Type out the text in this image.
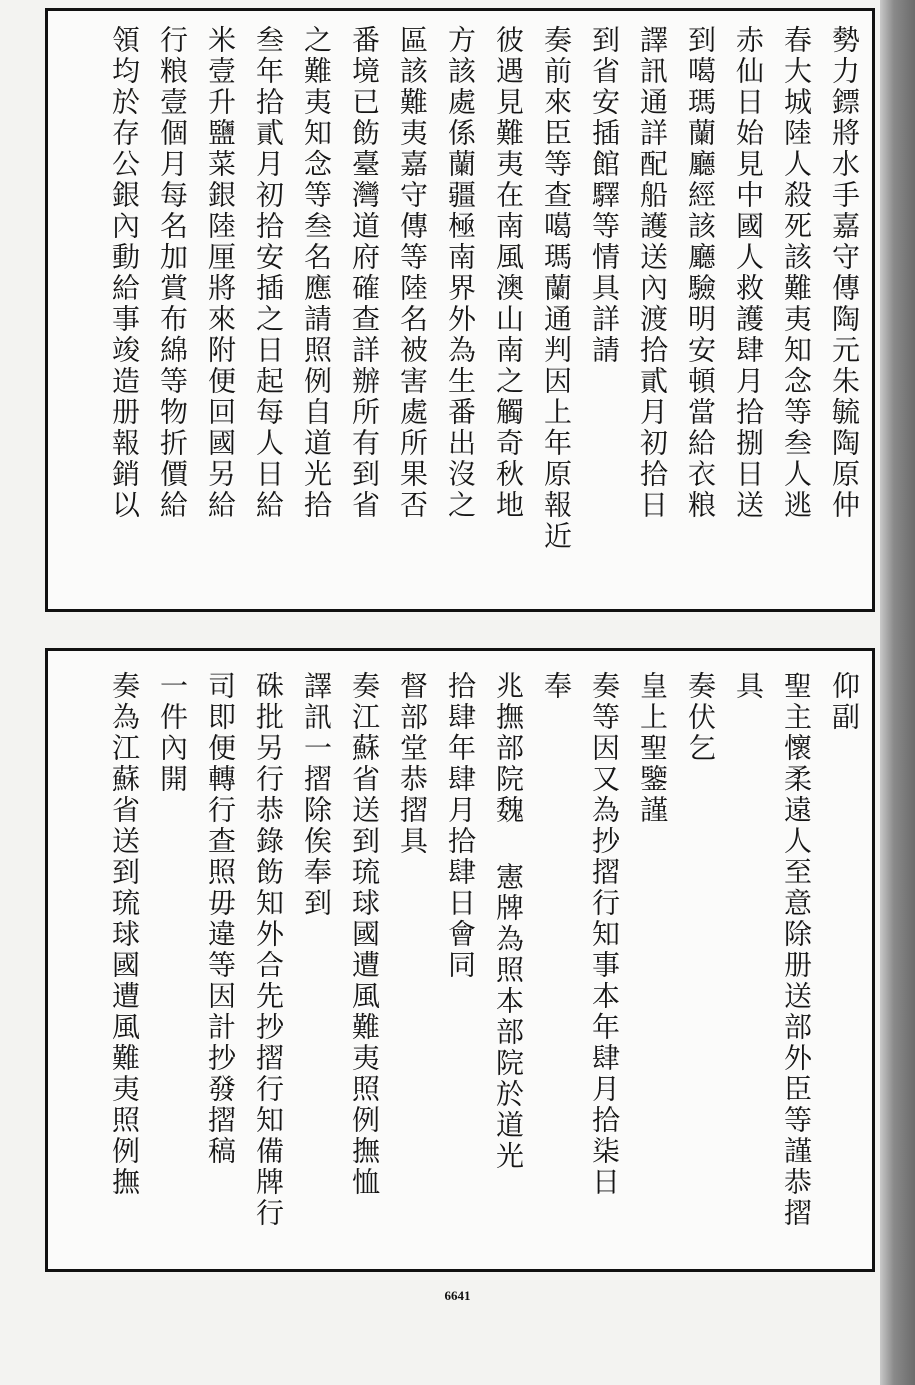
勢力鏢將水手嘉守傳陶元朱毓陶原仲
春大城陸人殺死該難夷知念等叁人逃
赤仙日始見中國人救護肆月拾捌日送
到噶瑪蘭廳經該廳驗明安頓當給衣粮
譯訊通詳配船護送內渡拾貳月初拾日
到省安插館驛等情具詳請
奏前來臣等查噶瑪蘭通判因上年原報近
彼遇見難夷在南風澳山南之觸奇秋地
方該處係蘭疆極南界外為生番出沒之
區該難夷嘉守傳等陸名被害處所果否
番境已飭臺灣道府確查詳辦所有到省
之難夷知念等叁名應請照例自道光拾
叁年拾貳月初拾安插之日起每人日給
米壹升鹽菜銀陸厘將來附便回國另給
行粮壹個月每名加賞布綿等物折價給
領均於存公銀內動給事竣造册報銷以
仰副
聖主懷柔遠人至意除册送部外臣等謹恭摺
具
奏伏乞
皇上聖鑒謹
奏等因又為抄摺行知事本年肆月拾柒日
奉
兆撫部院魏 憲牌為照本部院於道光
拾肆年肆月拾肆日會同
督部堂恭摺具
奏江蘇省送到琉球國遭風難夷照例撫恤
譯訊一摺除俟奉到
硃批另行恭錄飭知外合先抄摺行知備牌行
司即便轉行查照毋違等因計抄發摺稿
一件內開
奏為江蘇省送到琉球國遭風難夷照例撫
6641
